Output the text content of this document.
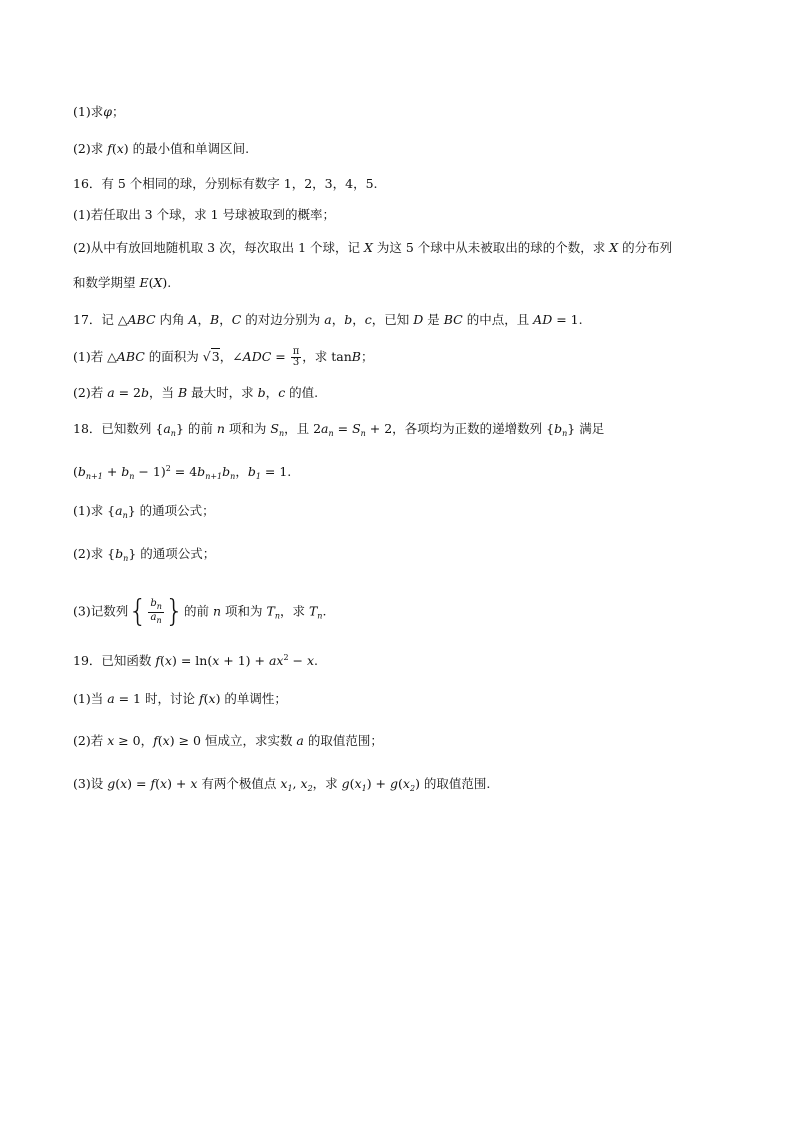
(1)求φ；
(2)求 f(x) 的最小值和单调区间.
16．有 5 个相同的球，分别标有数字 1，2，3，4，5.
(1)若任取出 3 个球，求 1 号球被取到的概率；
(2)从中有放回地随机取 3 次，每次取出 1 个球，记 X 为这 5 个球中从未被取出的球的个数，求 X 的分布列
和数学期望 E(X).
17．记 △ABC 内角 A，B，C 的对边分别为 a，b，c，已知 D 是 BC 的中点，且 AD = 1.
(1)若 △ABC 的面积为 √3，∠ADC = $\frac{\pi}{3}$ ，求 tanB；
(2)若 a = 2b，当 B 最大时，求 b，c 的值.
18．已知数列 $\{a_n\}$ 的前 n 项和为 $S_n$，且 $2a_n = S_n + 2$，各项均为正数的递增数列 $\{b_n\}$ 满足
$(b_{n+1} + b_n - 1)^2 = 4b_{n+1}b_n$，$b_1 = 1$.
(1)求 $\{a_n\}$ 的通项公式；
(2)求 $\{b_n\}$ 的通项公式；
(3)记数列 { $\frac{b_n}{a_n}$ } 的前 n 项和为 $T_n$，求 $T_n$.
19．已知函数 $f(x) = \ln(x + 1) + ax^2 - x$.
(1)当 a = 1 时，讨论 f(x) 的单调性；
(2)若 x ≥ 0，f(x) ≥ 0 恒成立，求实数 a 的取值范围；
(3)设 g(x) = f(x) + x 有两个极值点 $x_1$, $x_2$，求 $g(x_1) + g(x_2)$ 的取值范围.
